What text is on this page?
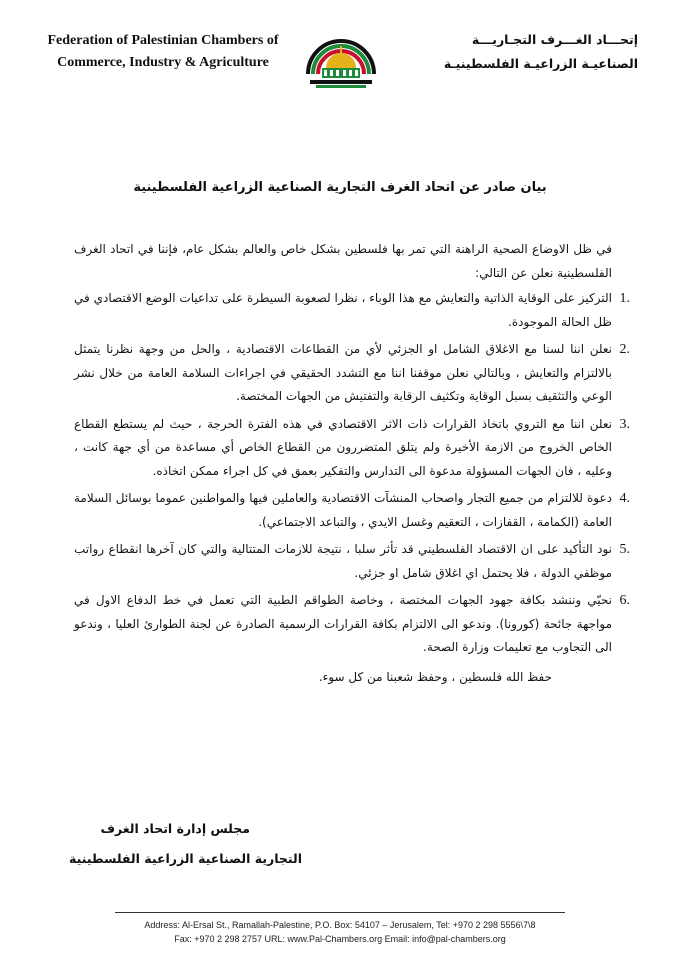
Federation of Palestinian Chambers of
Commerce, Industry & Agriculture
إتحـــاد الغـــرف التجـاريـــة
الصناعيـة الزراعيـة الفلسطينيـة
بيان صادر عن اتحاد الغرف التجارية الصناعية الزراعية الفلسطينية

في ظل الاوضاع الصحية الراهنة التي تمر بها فلسطين بشكل خاص والعالم بشكل عام، فإننا في اتحاد الغرف الفلسطينية نعلن عن التالي:

1.
التركيز على الوقاية الذاتية والتعايش مع هذا الوباء ، نظرا لصعوبة السيطرة على تداعيات الوضع الاقتصادي في ظل الحالة الموجودة.
2.
نعلن اننا لسنا مع الاغلاق الشامل او الجزئي لأي من القطاعات الاقتصادية ، والحل من وجهة نظرنا يتمثل بالالتزام والتعايش ، وبالتالي نعلن موقفنا اننا مع التشدد الحقيقي في اجراءات السلامة العامة من خلال نشر الوعي والتثقيف بسبل الوقاية وتكثيف الرقابة والتفتيش من الجهات المختصة.
3.
نعلن اننا مع التروي باتخاذ القرارات ذات الاثر الاقتصادي في هذه الفترة الحرجة ، حيث لم يستطع القطاع الخاص الخروج من الازمة الأخيرة ولم يتلق المتضررون من القطاع الخاص أي مساعدة من أي جهة كانت ، وعليه ، فان الجهات المسؤولة مدعوة الى التدارس والتفكير بعمق في كل اجراء ممكن اتخاذه.
4.
دعوة للالتزام من جميع التجار واصحاب المنشآت الاقتصادية والعاملين فيها والمواطنين عموما بوسائل السلامة العامة (الكمامة ، القفازات ، التعقيم وغسل الايدي ، والتباعد الاجتماعي).
5.
نود التأكيد على ان الاقتصاد الفلسطيني قد تأثر سلبا ، نتيجة للازمات المتتالية والتي كان آخرها انقطاع رواتب موظفي الدولة ، فلا يحتمل اي اغلاق شامل او جزئي.
6.
نحيّي وننشد بكافة جهود الجهات المختصة ، وخاصة الطواقم الطبية التي تعمل في خط الدفاع الاول في مواجهة جائحة (كورونا). وندعو الى الالتزام بكافة القرارات الرسمية الصادرة عن لجنة الطوارئ العليا ، وندعو الى التجاوب مع تعليمات وزارة الصحة.

حفظ الله فلسطين ، وحفظ شعبنا من كل سوء.

مجلس إدارة اتحاد الغرف
التجارية الصناعية الزراعية الفلسطينية
Address: Al-Ersal St., Ramallah-Palestine, P.O. Box: 54107 – Jerusalem, Tel: +970 2 298 5556\7\8
Fax: +970 2 298 2757 URL: www.Pal-Chambers.org Email: info@pal-chambers.org
